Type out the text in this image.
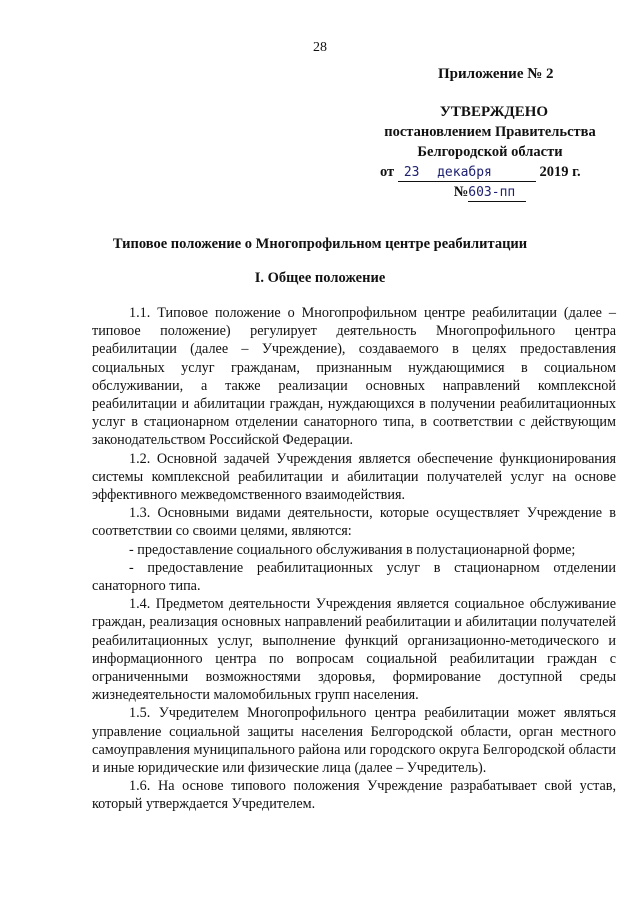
28
Приложение № 2
УТВЕРЖДЕНО
постановлением Правительства
Белгородской области
от 23 декабря	2019 г.
№603-пп
Типовое положение о Многопрофильном центре реабилитации
I. Общее положение

1.1. Типовое положение о Многопрофильном центре реабилитации (далее – типовое положение) регулирует деятельность Многопрофильного центра реабилитации (далее – Учреждение), создаваемого в целях предоставления социальных услуг гражданам, признанным нуждающимися в социальном обслуживании, а также реализации основных направлений комплексной реабилитации и абилитации граждан, нуждающихся в получении реабилитационных услуг в стационарном отделении санаторного типа, в соответствии с действующим законодательством Российской Федерации.

1.2. Основной задачей Учреждения является обеспечение функционирования системы комплексной реабилитации и абилитации получателей услуг на основе эффективного межведомственного взаимодействия.

1.3. Основными видами деятельности, которые осуществляет Учреждение в соответствии со своими целями, являются:

- предоставление социального обслуживания в полустационарной форме;

- предоставление реабилитационных услуг в стационарном отделении санаторного типа.

1.4. Предметом деятельности Учреждения является социальное обслуживание граждан, реализация основных направлений реабилитации и абилитации получателей реабилитационных услуг, выполнение функций организационно-методического и информационного центра по вопросам социальной реабилитации граждан с ограниченными возможностями здоровья, формирование доступной среды жизнедеятельности маломобильных групп населения.

1.5. Учредителем Многопрофильного центра реабилитации может являться управление социальной защиты населения Белгородской области, орган местного самоуправления муниципального района или городского округа Белгородской области и иные юридические или физические лица (далее – Учредитель).

1.6. На основе типового положения Учреждение разрабатывает свой устав, который утверждается Учредителем.
